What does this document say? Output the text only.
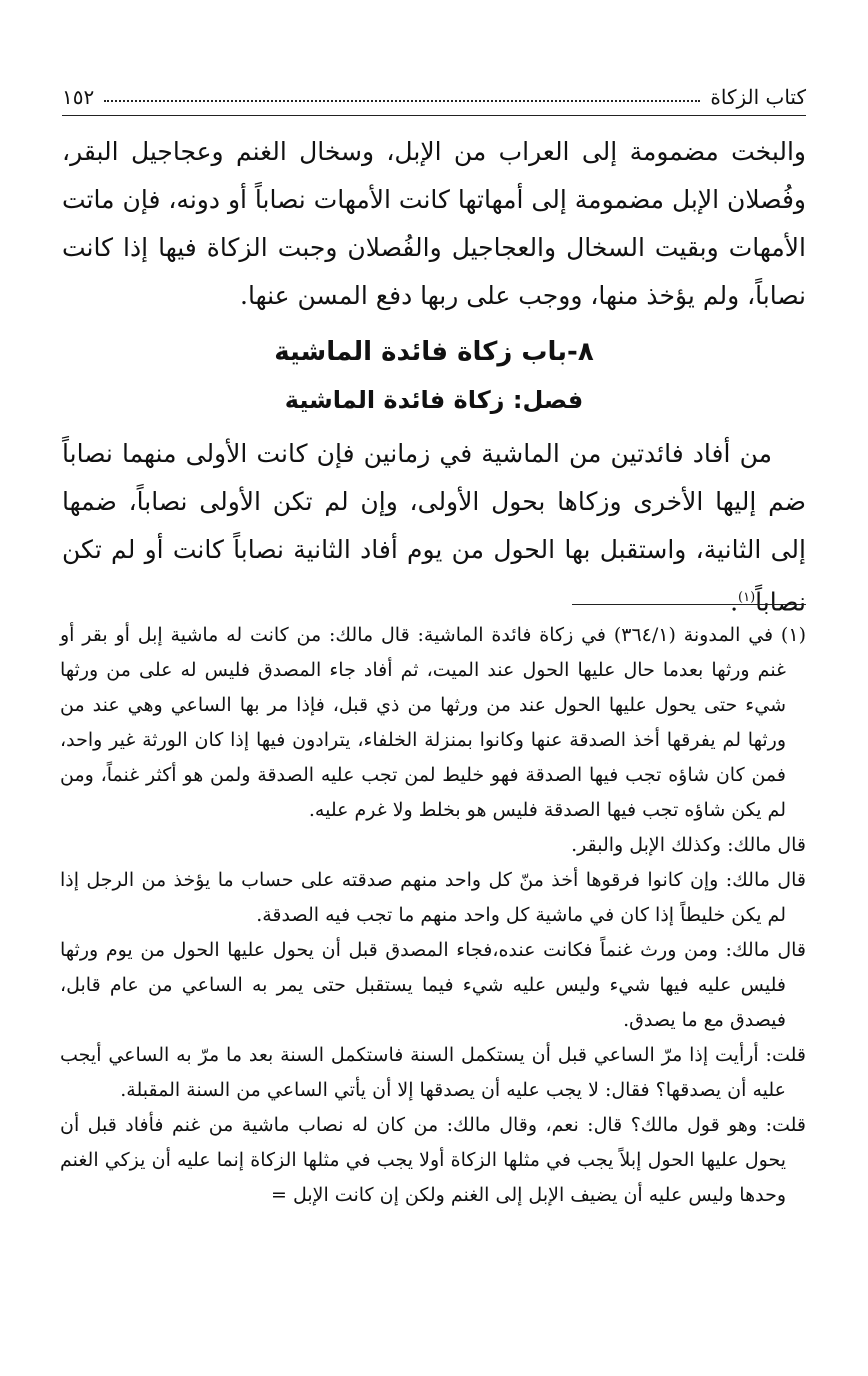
كتاب الزكاة
١٥٢

والبخت مضمومة إلى العراب من الإبل، وسخال الغنم وعجاجيل البقر، وفُصلان الإبل مضمومة إلى أمهاتها كانت الأمهات نصاباً أو دونه، فإن ماتت الأمهات وبقيت السخال والعجاجيل والفُصلان وجبت الزكاة فيها إذا كانت نصاباً، ولم يؤخذ منها، ووجب على ربها دفع المسن عنها.

٨-باب زكاة فائدة الماشية
فصل: زكاة فائدة الماشية

من أفاد فائدتين من الماشية في زمانين فإن كانت الأولى منهما نصاباً ضم إليها الأخرى وزكاها بحول الأولى، وإن لم تكن الأولى نصاباً، ضمها إلى الثانية، واستقبل بها الحول من يوم أفاد الثانية نصاباً كانت أو لم تكن نصاباً$^{(١)}$.

(١) في المدونة (٣٦٤/١) في زكاة فائدة الماشية: قال مالك: من كانت له ماشية إبل أو بقر أو غنم ورثها بعدما حال عليها الحول عند الميت، ثم أفاد جاء المصدق فليس له على من ورثها شيء حتى يحول عليها الحول عند من ورثها من ذي قبل، فإذا مر بها الساعي وهي عند من ورثها لم يفرقها أخذ الصدقة عنها وكانوا بمنزلة الخلفاء، يترادون فيها إذا كان الورثة غير واحد، فمن كان شاؤه تجب فيها الصدقة فهو خليط لمن تجب عليه الصدقة ولمن هو أكثر غنماً، ومن لم يكن شاؤه تجب فيها الصدقة فليس هو بخلط ولا غرم عليه.

قال مالك: وكذلك الإبل والبقر.

قال مالك: وإن كانوا فرقوها أخذ منّ كل واحد منهم صدقته على حساب ما يؤخذ من الرجل إذا لم يكن خليطاً إذا كان في ماشية كل واحد منهم ما تجب فيه الصدقة.

قال مالك: ومن ورث غنماً فكانت عنده،فجاء المصدق قبل أن يحول عليها الحول من يوم ورثها فليس عليه فيها شيء وليس عليه شيء فيما يستقبل حتى يمر به الساعي من عام قابل، فيصدق مع ما يصدق.

قلت: أرأيت إذا مرّ الساعي قبل أن يستكمل السنة فاستكمل السنة بعد ما مرّ به الساعي أيجب عليه أن يصدقها؟ فقال: لا يجب عليه أن يصدقها إلا أن يأتي الساعي من السنة المقبلة.

قلت: وهو قول مالك؟ قال: نعم، وقال مالك: من كان له نصاب ماشية من غنم فأفاد قبل أن يحول عليها الحول إبلاً يجب في مثلها الزكاة أولا يجب في مثلها الزكاة إنما عليه أن يزكي الغنم وحدها وليس عليه أن يضيف الإبل إلى الغنم ولكن إن كانت الإبل =
